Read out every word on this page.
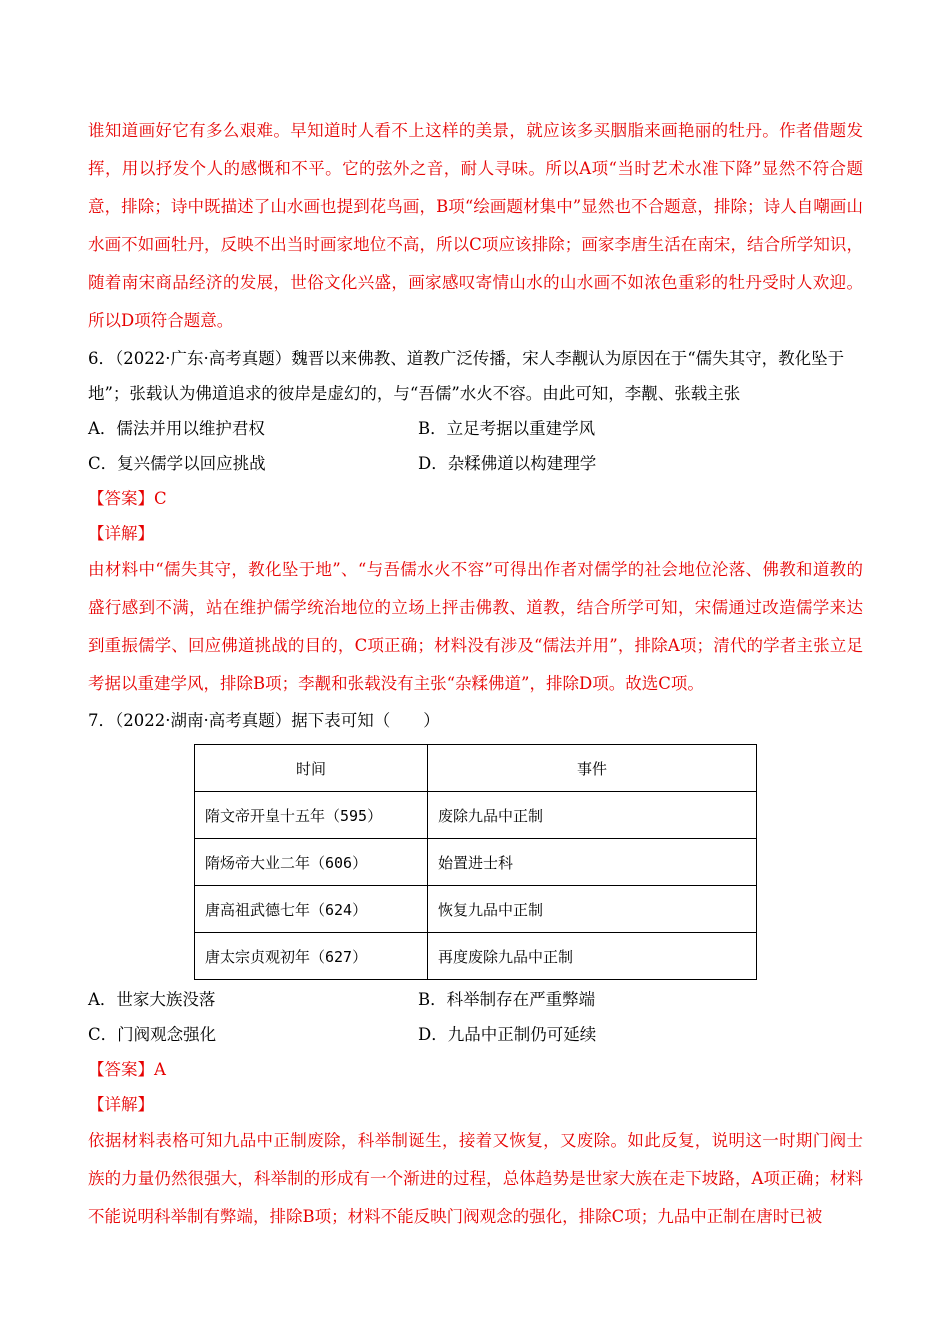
谁知道画好它有多么艰难。早知道时人看不上这样的美景，就应该多买胭脂来画艳丽的牡丹。作者借题发挥，用以抒发个人的感慨和不平。它的弦外之音，耐人寻味。所以A项“当时艺术水准下降”显然不符合题意，排除；诗中既描述了山水画也提到花鸟画，B项“绘画题材集中”显然也不合题意，排除；诗人自嘲画山水画不如画牡丹，反映不出当时画家地位不高，所以C项应该排除；画家李唐生活在南宋，结合所学知识，随着南宋商品经济的发展，世俗文化兴盛，画家感叹寄情山水的山水画不如浓色重彩的牡丹受时人欢迎。所以D项符合题意。

6．（2022·广东·高考真题）魏晋以来佛教、道教广泛传播，宋人李觏认为原因在于“儒失其守，教化坠于

地”；张载认为佛道追求的彼岸是虚幻的，与“吾儒”水火不容。由此可知，李觏、张载主张

A．儒法并用以维护君权	B．立足考据以重建学风
C．复兴儒学以回应挑战	D．杂糅佛道以构建理学

【答案】C

【详解】

由材料中“儒失其守，教化坠于地”、“与吾儒水火不容”可得出作者对儒学的社会地位沦落、佛教和道教的盛行感到不满，站在维护儒学统治地位的立场上抨击佛教、道教，结合所学可知，宋儒通过改造儒学来达到重振儒学、回应佛道挑战的目的，C项正确；材料没有涉及“儒法并用”，排除A项；清代的学者主张立足考据以重建学风，排除B项；李觏和张载没有主张“杂糅佛道”，排除D项。故选C项。

7．（2022·湖南·高考真题）据下表可知（　　）

时间	事件
隋文帝开皇十五年（595）	废除九品中正制
隋炀帝大业二年（606）	始置进士科
唐高祖武德七年（624）	恢复九品中正制
唐太宗贞观初年（627）	再度废除九品中正制
A．世家大族没落	B．科举制存在严重弊端
C．门阀观念强化	D．九品中正制仍可延续

【答案】A

【详解】

依据材料表格可知九品中正制废除，科举制诞生，接着又恢复，又废除。如此反复，说明这一时期门阀士族的力量仍然很强大，科举制的形成有一个渐进的过程，总体趋势是世家大族在走下坡路，A项正确；材料不能说明科举制有弊端，排除B项；材料不能反映门阀观念的强化，排除C项；九品中正制在唐时已被
